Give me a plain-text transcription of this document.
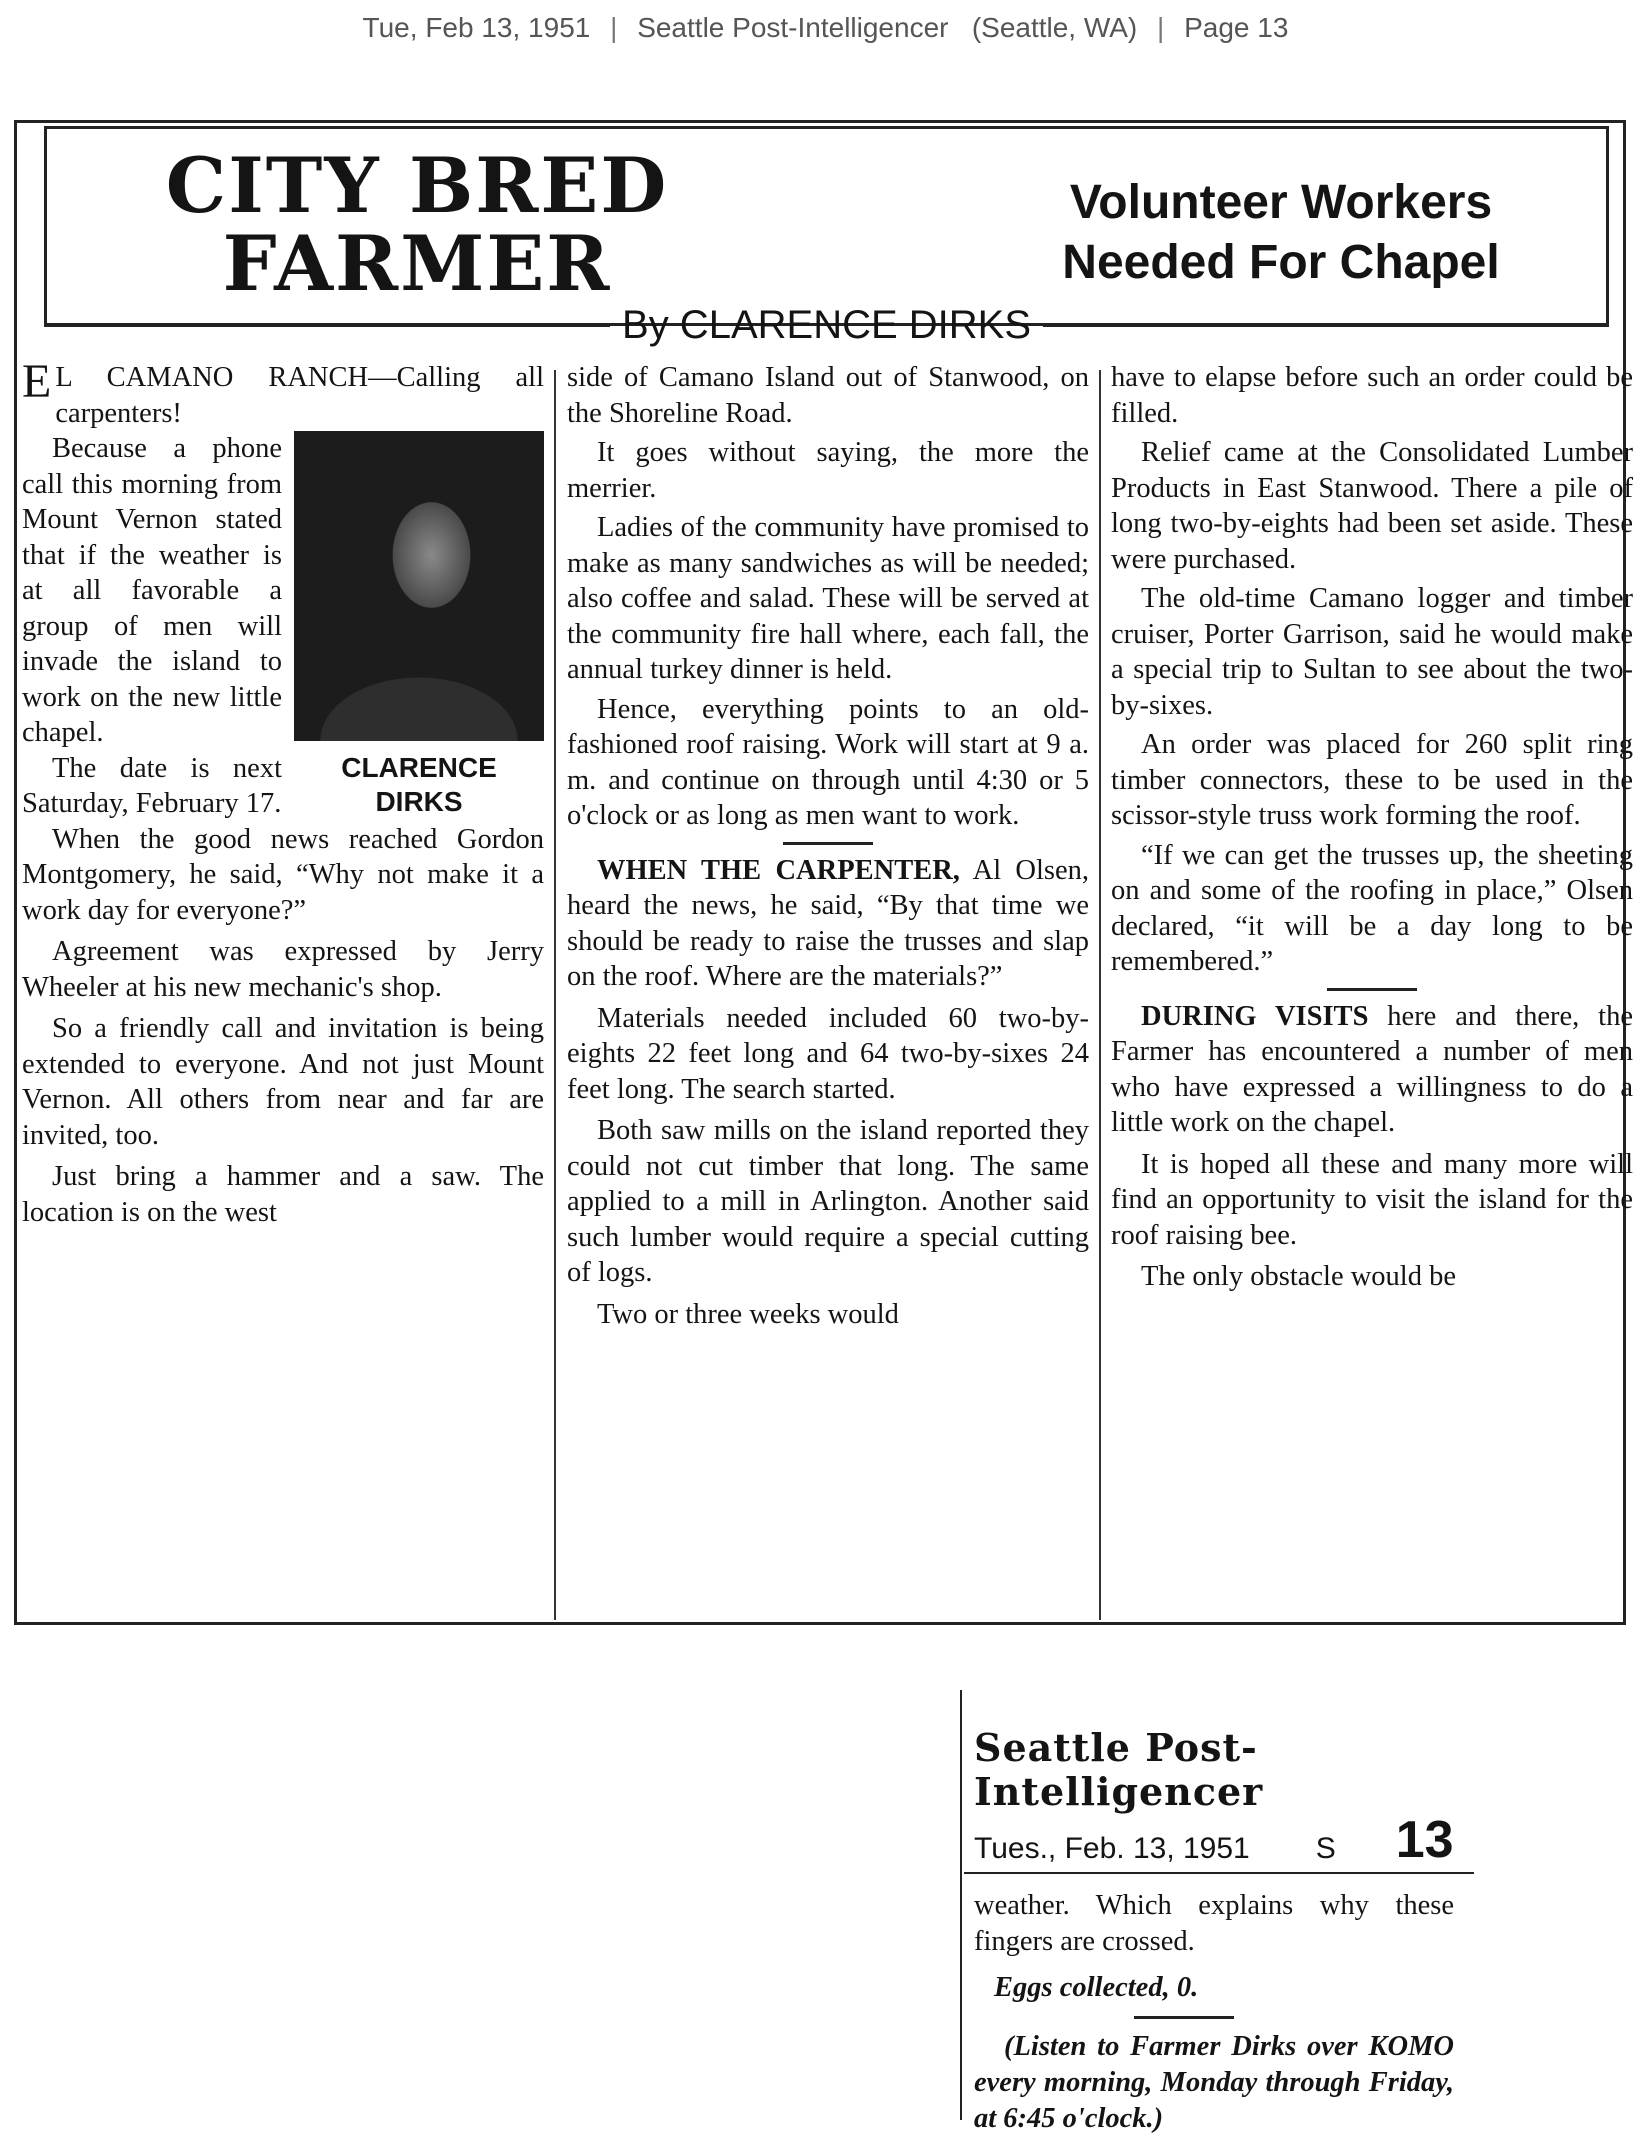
Tue, Feb 13, 1951 | Seattle Post-Intelligencer (Seattle, WA) | Page 13
CITY BRED
FARMER
Volunteer Workers
Needed For Chapel
By CLARENCE DIRKS

E L CAMANO RANCH—Calling all carpenters!

CLARENCE
DIRKS

Because a phone call this morning from Mount Vernon stated that if the weather is at all favorable a group of men will invade the island to work on the new little chapel.

The date is next Saturday, February 17.

When the good news reached Gordon Montgomery, he said, “Why not make it a work day for everyone?”

Agreement was expressed by Jerry Wheeler at his new mechanic's shop.

So a friendly call and invitation is being extended to everyone. And not just Mount Vernon. All others from near and far are invited, too.

Just bring a hammer and a saw. The location is on the west

side of Camano Island out of Stanwood, on the Shoreline Road.

It goes without saying, the more the merrier.

Ladies of the community have promised to make as many sandwiches as will be needed; also coffee and salad. These will be served at the community fire hall where, each fall, the annual turkey dinner is held.

Hence, everything points to an old-fashioned roof raising. Work will start at 9 a. m. and continue on through until 4:30 or 5 o'clock or as long as men want to work.

WHEN THE CARPENTER, Al Olsen, heard the news, he said, “By that time we should be ready to raise the trusses and slap on the roof. Where are the materials?”

Materials needed included 60 two-by-eights 22 feet long and 64 two-by-sixes 24 feet long. The search started.

Both saw mills on the island reported they could not cut timber that long. The same applied to a mill in Arlington. Another said such lumber would require a special cutting of logs.

Two or three weeks would

have to elapse before such an order could be filled.

Relief came at the Consolidated Lumber Products in East Stanwood. There a pile of long two-by-eights had been set aside. These were purchased.

The old-time Camano logger and timber cruiser, Porter Garrison, said he would make a special trip to Sultan to see about the two-by-sixes.

An order was placed for 260 split ring timber connectors, these to be used in the scissor-style truss work forming the roof.

“If we can get the trusses up, the sheeting on and some of the roofing in place,” Olsen declared, “it will be a day long to be remembered.”

DURING VISITS here and there, the Farmer has encountered a number of men who have expressed a willingness to do a little work on the chapel.

It is hoped all these and many more will find an opportunity to visit the island for the roof raising bee.

The only obstacle would be

Seattle Post-Intelligencer
Tues., Feb. 13, 1951 S 13

weather. Which explains why these fingers are crossed.

Eggs collected, 0.

(Listen to Farmer Dirks over KOMO every morning, Monday through Friday, at 6:45 o'clock.)
